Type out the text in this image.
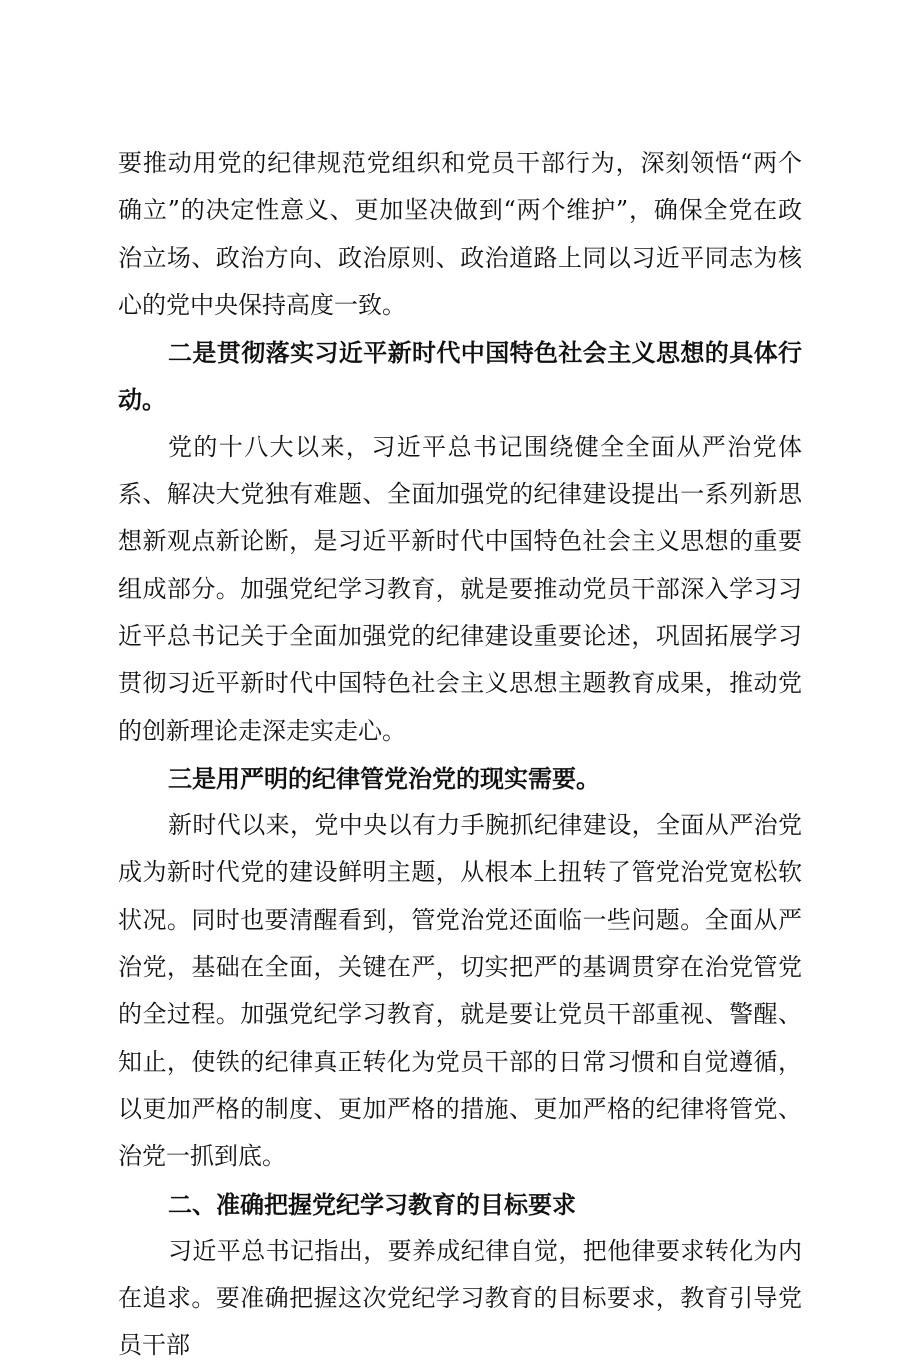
要推动用党的纪律规范党组织和党员干部行为，深刻领悟“两个确立”的决定性意义、更加坚决做到“两个维护”，确保全党在政治立场、政治方向、政治原则、政治道路上同以习近平同志为核心的党中央保持高度一致。

二是贯彻落实习近平新时代中国特色社会主义思想的具体行动。

党的十八大以来，习近平总书记围绕健全全面从严治党体系、解决大党独有难题、全面加强党的纪律建设提出一系列新思想新观点新论断，是习近平新时代中国特色社会主义思想的重要组成部分。加强党纪学习教育，就是要推动党员干部深入学习习近平总书记关于全面加强党的纪律建设重要论述，巩固拓展学习贯彻习近平新时代中国特色社会主义思想主题教育成果，推动党的创新理论走深走实走心。

三是用严明的纪律管党治党的现实需要。

新时代以来，党中央以有力手腕抓纪律建设，全面从严治党成为新时代党的建设鲜明主题，从根本上扭转了管党治党宽松软状况。同时也要清醒看到，管党治党还面临一些问题。全面从严治党，基础在全面，关键在严，切实把严的基调贯穿在治党管党的全过程。加强党纪学习教育，就是要让党员干部重视、警醒、知止，使铁的纪律真正转化为党员干部的日常习惯和自觉遵循，以更加严格的制度、更加严格的措施、更加严格的纪律将管党、治党一抓到底。

二、准确把握党纪学习教育的目标要求

习近平总书记指出，要养成纪律自觉，把他律要求转化为内在追求。要准确把握这次党纪学习教育的目标要求，教育引导党员干部
